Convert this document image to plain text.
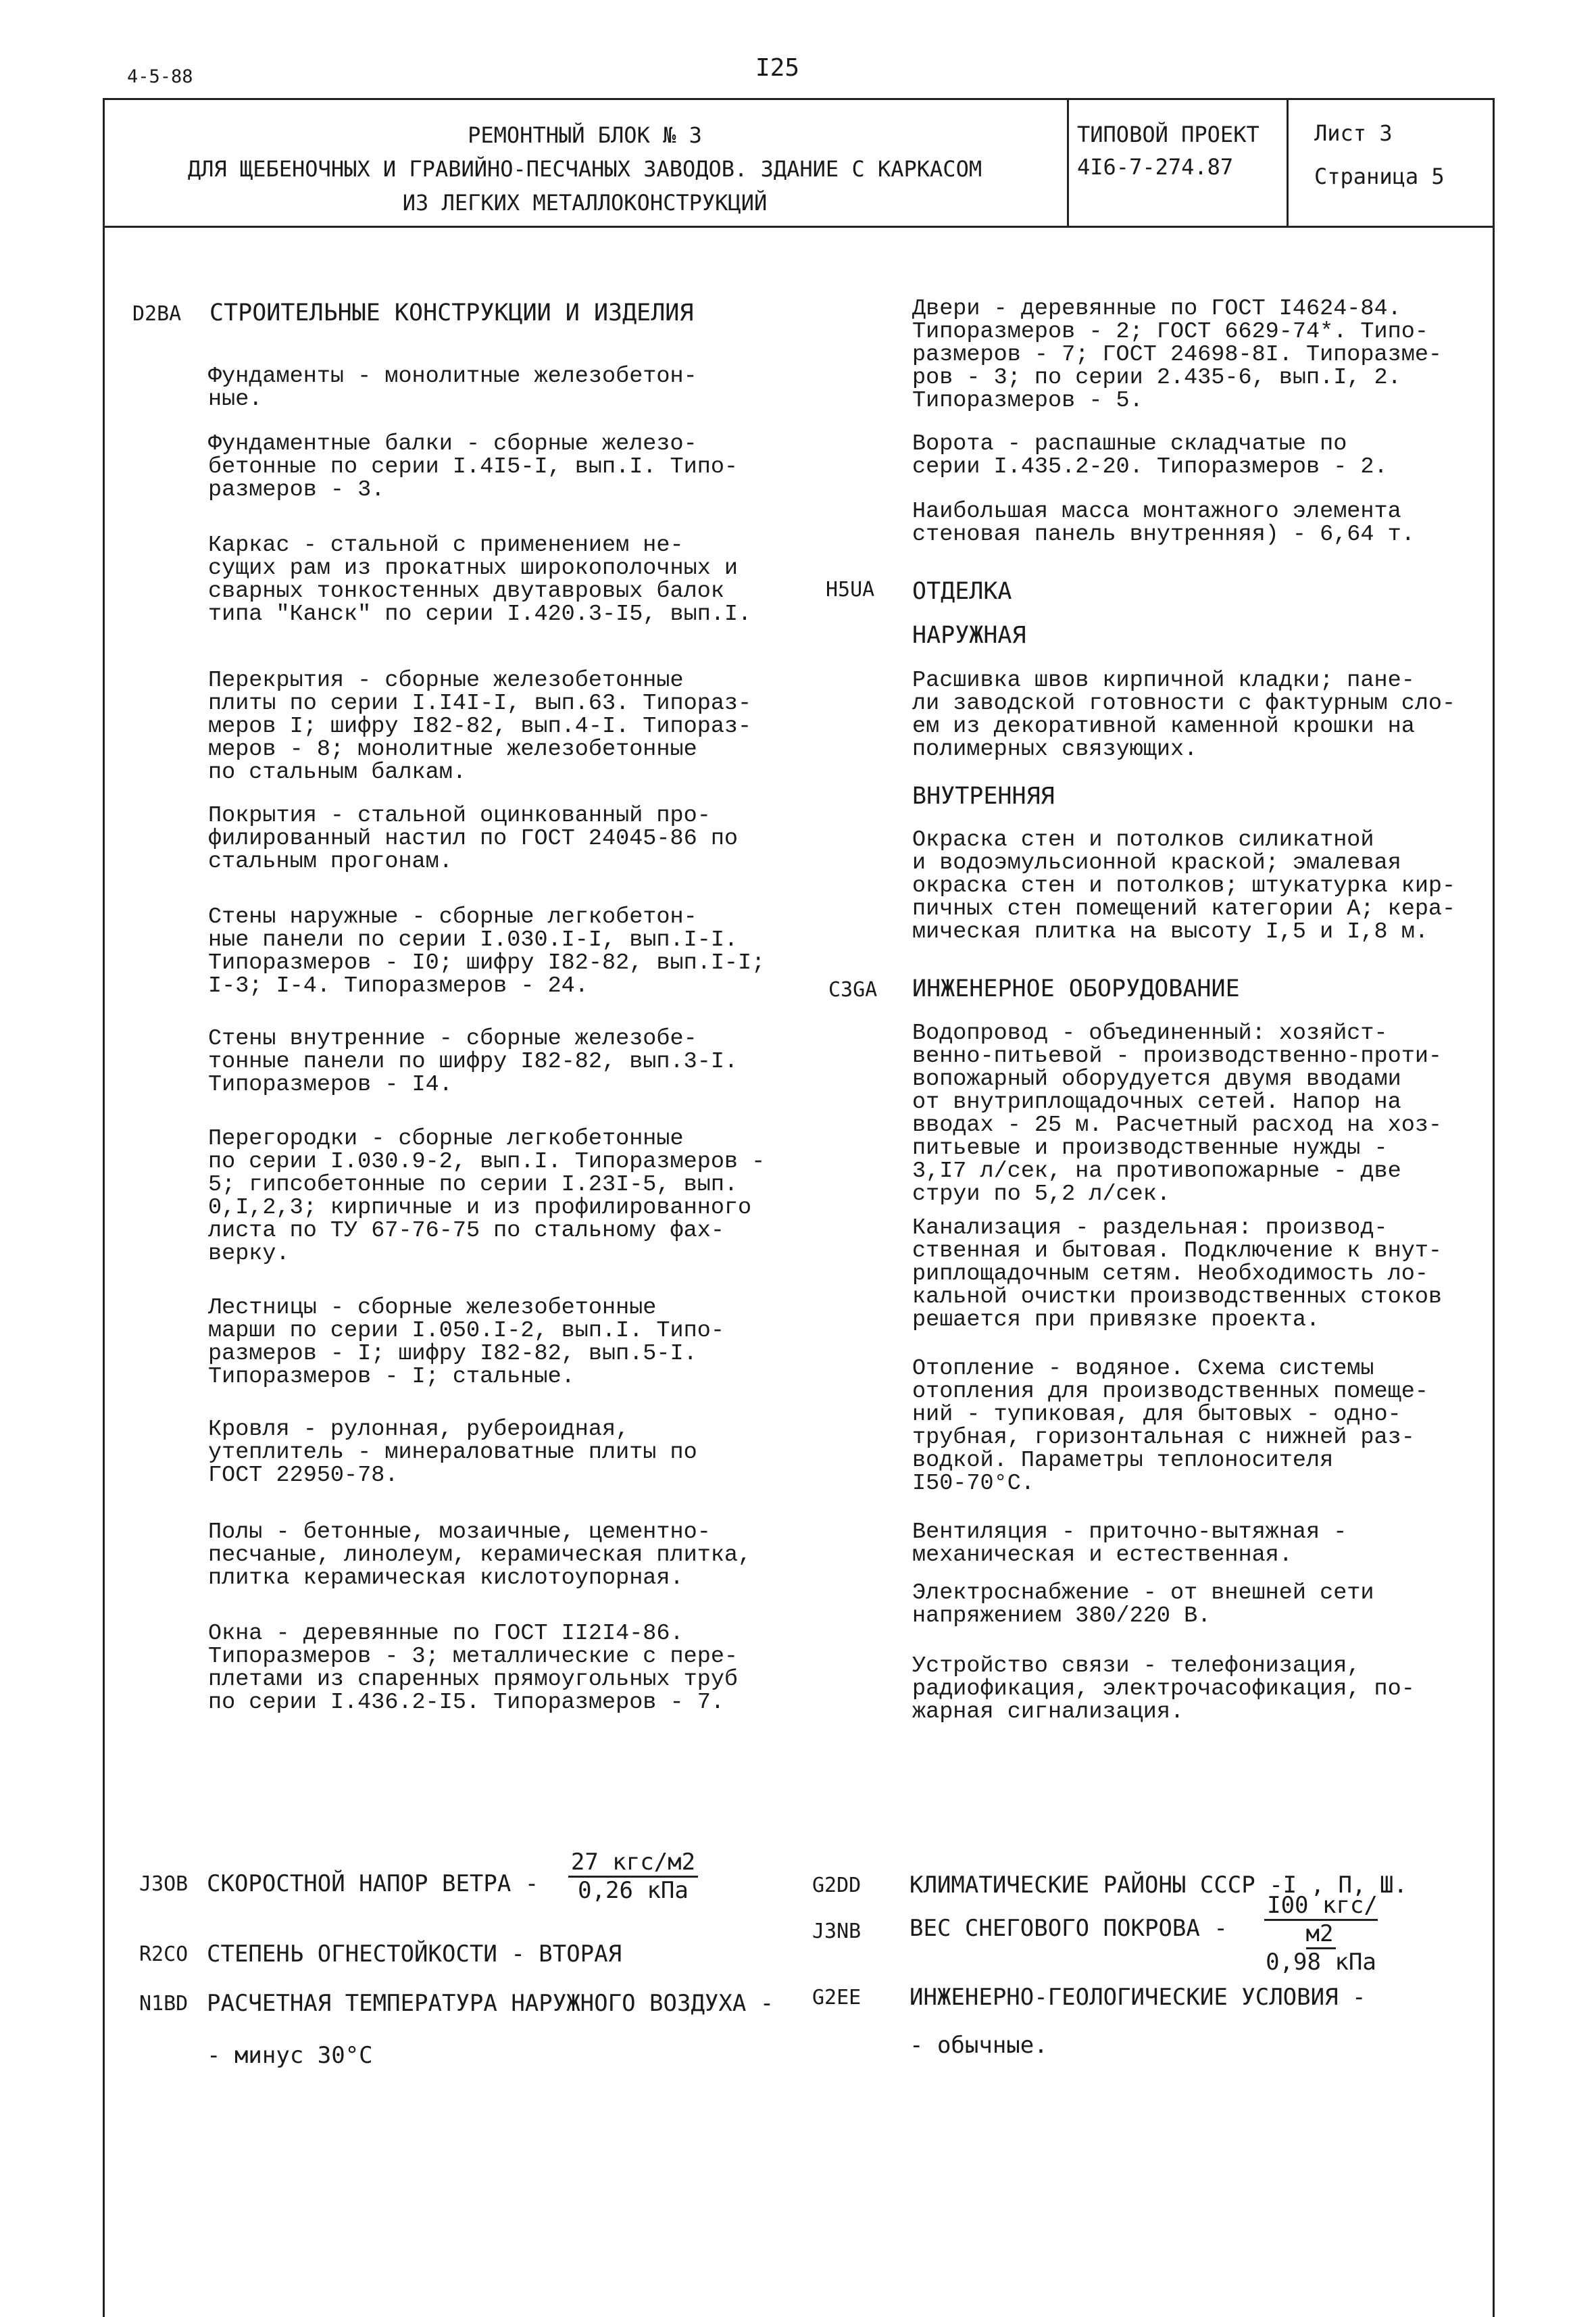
4-5-88	I25
РЕМОНТНЫЙ БЛОК № 3
ДЛЯ ЩЕБЕНОЧНЫХ И ГРАВИЙНО-ПЕСЧАНЫХ ЗАВОДОВ. ЗДАНИЕ С КАРКАСОМ
ИЗ ЛЕГКИХ МЕТАЛЛОКОНСТРУКЦИЙ
ТИПОВОЙ ПРОЕКТ
4I6-7-274.87
Лист 3
Страница 5
D2BA СТРОИТЕЛЬНЫЕ КОНСТРУКЦИИ И ИЗДЕЛИЯ
Фундаменты - монолитные железобетон-
ные.
Фундаментные балки - сборные железо-
бетонные по серии I.4I5-I, вып.I. Типо-
размеров - 3.
Каркас - стальной с применением не-
сущих рам из прокатных широкополочных и
сварных тонкостенных двутавровых балок
типа "Канск" по серии I.420.3-I5, вып.I.
Перекрытия - сборные железобетонные
плиты по серии I.I4I-I, вып.63. Типораз-
меров I; шифру I82-82, вып.4-I. Типораз-
меров - 8; монолитные железобетонные
по стальным балкам.
Покрытия - стальной оцинкованный про-
филированный настил по ГОСТ 24045-86 по
стальным прогонам.
Стены наружные - сборные легкобетон-
ные панели по серии I.030.I-I, вып.I-I.
Типоразмеров - I0; шифру I82-82, вып.I-I;
I-3; I-4. Типоразмеров - 24.
Стены внутренние - сборные железобе-
тонные панели по шифру I82-82, вып.3-I.
Типоразмеров - I4.
Перегородки - сборные легкобетонные
по серии I.030.9-2, вып.I. Типоразмеров -
5; гипсобетонные по серии I.23I-5, вып.
0,I,2,3; кирпичные и из профилированного
листа по ТУ 67-76-75 по стальному фах-
верку.
Лестницы - сборные железобетонные
марши по серии I.050.I-2, вып.I. Типо-
размеров - I; шифру I82-82, вып.5-I.
Типоразмеров - I; стальные.
Кровля - рулонная, рубероидная,
утеплитель - минераловатные плиты по
ГОСТ 22950-78.
Полы - бетонные, мозаичные, цементно-
песчаные, линолеум, керамическая плитка,
плитка керамическая кислотоупорная.
Окна - деревянные по ГОСТ II2I4-86.
Типоразмеров - 3; металлические с пере-
плетами из спаренных прямоугольных труб
по серии I.436.2-I5. Типоразмеров - 7.
Двери - деревянные по ГОСТ I4624-84.
Типоразмеров - 2; ГОСТ 6629-74*. Типо-
размеров - 7; ГОСТ 24698-8I. Типоразме-
ров - 3; по серии 2.435-6, вып.I, 2.
Типоразмеров - 5.
Ворота - распашные складчатые по
серии I.435.2-20. Типоразмеров - 2.
Наибольшая масса монтажного элемента
стеновая панель внутренняя) - 6,64 т.
H5UA ОТДЕЛКА
НАРУЖНАЯ
Расшивка швов кирпичной кладки; пане-
ли заводской готовности с фактурным сло-
ем из декоративной каменной крошки на
полимерных связующих.
ВНУТРЕННЯЯ
Окраска стен и потолков силикатной
и водоэмульсионной краской; эмалевая
окраска стен и потолков; штукатурка кир-
пичных стен помещений категории А; кера-
мическая плитка на высоту I,5 и I,8 м.
C3GA ИНЖЕНЕРНОЕ ОБОРУДОВАНИЕ
Водопровод - объединенный: хозяйст-
венно-питьевой - производственно-проти-
вопожарный оборудуется двумя вводами
от внутриплощадочных сетей. Напор на
вводах - 25 м. Расчетный расход на хоз-
питьевые и производственные нужды -
3,I7 л/сек, на противопожарные - две
струи по 5,2 л/сек.
Канализация - раздельная: производ-
ственная и бытовая. Подключение к внут-
риплощадочным сетям. Необходимость ло-
кальной очистки производственных стоков
решается при привязке проекта.
Отопление - водяное. Схема системы
отопления для производственных помеще-
ний - тупиковая, для бытовых - одно-
трубная, горизонтальная с нижней раз-
водкой. Параметры теплоносителя
I50-70°С.
Вентиляция - приточно-вытяжная -
механическая и естественная.
Электроснабжение - от внешней сети
напряжением 380/220 В.
Устройство связи - телефонизация,
радиофикация, электрочасофикация, по-
жарная сигнализация.
J3OB СКОРОСТНОЙ НАПОР ВЕТРА -
27 кгс/м2
0,26 кПа
R2CO СТЕПЕНЬ ОГНЕСТОЙКОСТИ - ВТОРАЯ
N1BD РАСЧЕТНАЯ ТЕМПЕРАТУРА НАРУЖНОГО ВОЗДУХА -
- минус 30°С
G2DD КЛИМАТИЧЕСКИЕ РАЙОНЫ СССР -I , П, Ш.
J3NB ВЕС СНЕГОВОГО ПОКРОВА -
I00 кгс/м2
0,98 кПа
G2EE ИНЖЕНЕРНО-ГЕОЛОГИЧЕСКИЕ УСЛОВИЯ -
- обычные.
